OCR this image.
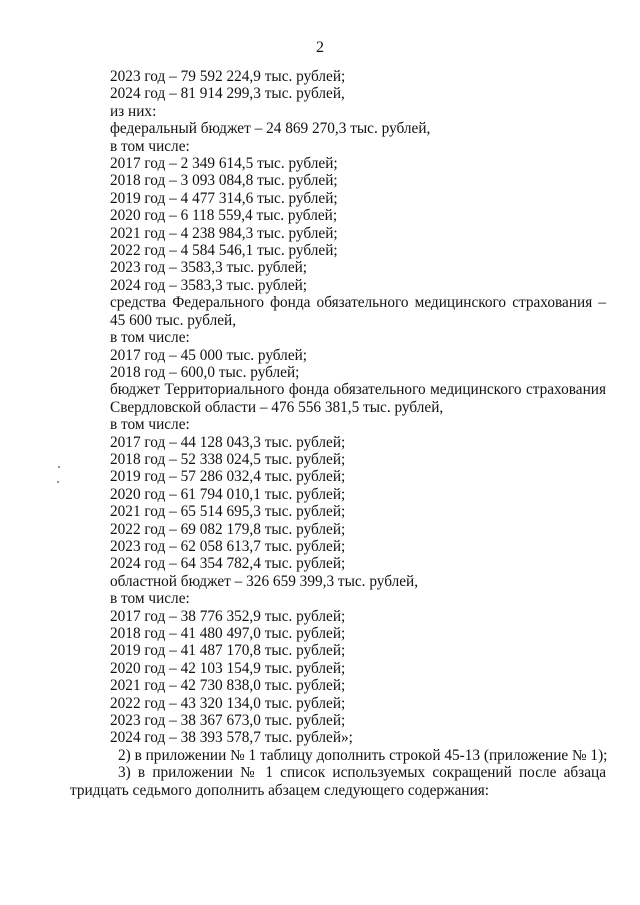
2
2023 год – 79 592 224,9 тыс. рублей;
2024 год – 81 914 299,3 тыс. рублей,
из них:
федеральный бюджет – 24 869 270,3 тыс. рублей,
в том числе:
2017 год – 2 349 614,5 тыс. рублей;
2018 год – 3 093 084,8 тыс. рублей;
2019 год – 4 477 314,6 тыс. рублей;
2020 год – 6 118 559,4 тыс. рублей;
2021 год – 4 238 984,3 тыс. рублей;
2022 год – 4 584 546,1 тыс. рублей;
2023 год – 3583,3 тыс. рублей;
2024 год – 3583,3 тыс. рублей;
средства Федерального фонда обязательного медицинского страхования –
45 600 тыс. рублей,
в том числе:
2017 год – 45 000 тыс. рублей;
2018 год – 600,0 тыс. рублей;
бюджет Территориального фонда обязательного медицинского страхования
Свердловской области – 476 556 381,5 тыс. рублей,
в том числе:
2017 год – 44 128 043,3 тыс. рублей;
2018 год – 52 338 024,5 тыс. рублей;
2019 год – 57 286 032,4 тыс. рублей;
2020 год – 61 794 010,1 тыс. рублей;
2021 год – 65 514 695,3 тыс. рублей;
2022 год – 69 082 179,8 тыс. рублей;
2023 год – 62 058 613,7 тыс. рублей;
2024 год – 64 354 782,4 тыс. рублей;
областной бюджет – 326 659 399,3 тыс. рублей,
в том числе:
2017 год – 38 776 352,9 тыс. рублей;
2018 год – 41 480 497,0 тыс. рублей;
2019 год – 41 487 170,8 тыс. рублей;
2020 год – 42 103 154,9 тыс. рублей;
2021 год – 42 730 838,0 тыс. рублей;
2022 год – 43 320 134,0 тыс. рублей;
2023 год – 38 367 673,0 тыс. рублей;
2024 год – 38 393 578,7 тыс. рублей»;
2) в приложении № 1 таблицу дополнить строкой 45-13 (приложение № 1);
3) в приложении № 1 список используемых сокращений после абзаца
тридцать седьмого дополнить абзацем следующего содержания:
